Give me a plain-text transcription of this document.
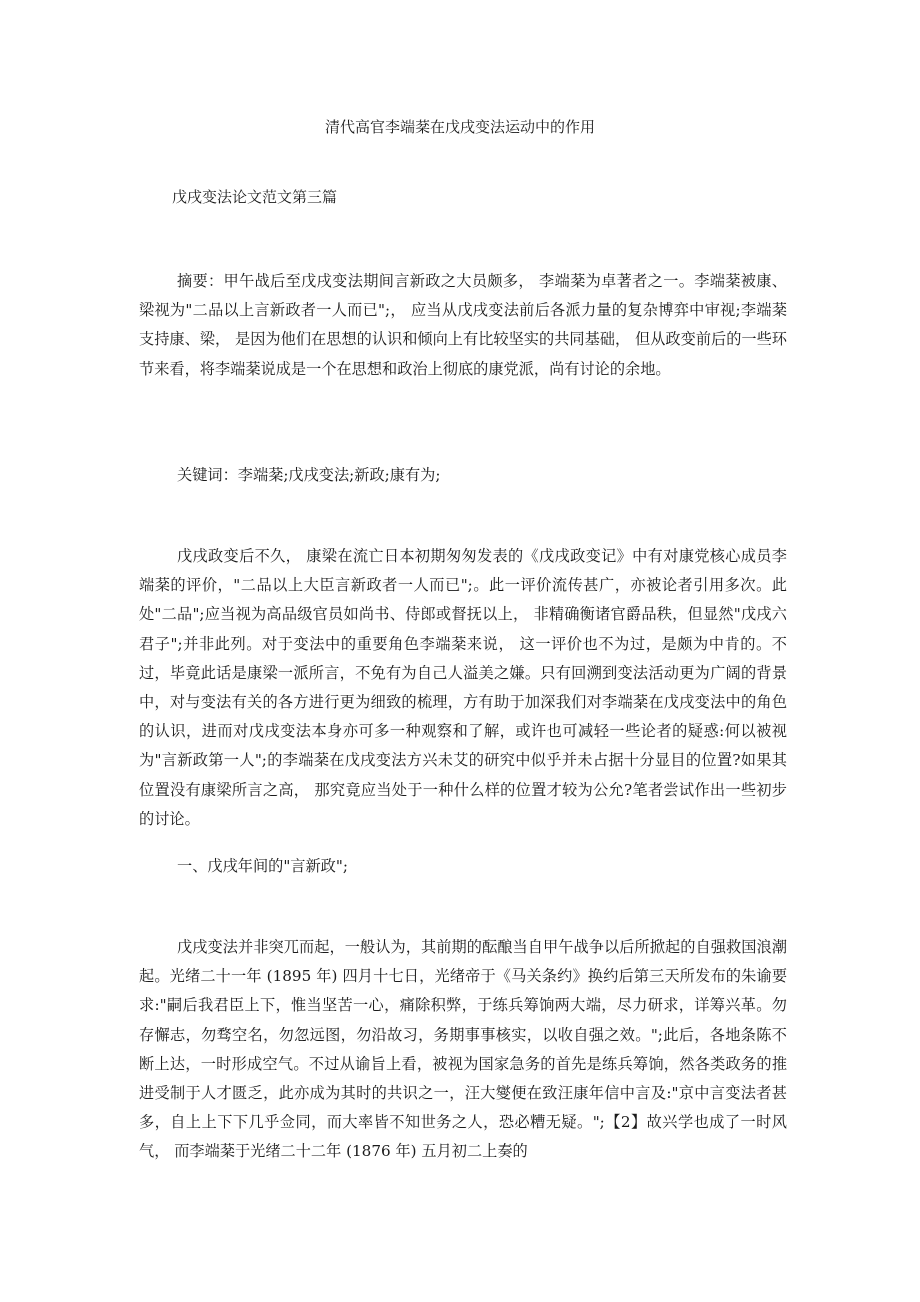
清代高官李端棻在戊戌变法运动中的作用

戊戌变法论文范文第三篇

摘要：甲午战后至戊戌变法期间言新政之大员颇多， 李端棻为卓著者之一。李端棻被康、梁视为"二品以上言新政者一人而已";， 应当从戊戌变法前后各派力量的复杂博弈中审视;李端棻支持康、梁， 是因为他们在思想的认识和倾向上有比较坚实的共同基础， 但从政变前后的一些环节来看，将李端棻说成是一个在思想和政治上彻底的康党派，尚有讨论的余地。

关键词：李端棻;戊戌变法;新政;康有为;

戊戌政变后不久， 康梁在流亡日本初期匆匆发表的《戊戌政变记》中有对康党核心成员李端棻的评价，"二品以上大臣言新政者一人而已";。此一评价流传甚广，亦被论者引用多次。此处"二品";应当视为高品级官员如尚书、侍郎或督抚以上， 非精确衡诸官爵品秩，但显然"戊戌六君子";并非此列。对于变法中的重要角色李端棻来说， 这一评价也不为过，是颇为中肯的。不过，毕竟此话是康梁一派所言，不免有为自己人溢美之嫌。只有回溯到变法活动更为广阔的背景中，对与变法有关的各方进行更为细致的梳理，方有助于加深我们对李端棻在戊戌变法中的角色的认识，进而对戊戌变法本身亦可多一种观察和了解，或许也可减轻一些论者的疑惑:何以被视为"言新政第一人";的李端棻在戊戌变法方兴未艾的研究中似乎并未占据十分显目的位置?如果其位置没有康梁所言之高， 那究竟应当处于一种什么样的位置才较为公允?笔者尝试作出一些初步的讨论。

一、戊戌年间的"言新政";

戊戌变法并非突兀而起，一般认为，其前期的酝酿当自甲午战争以后所掀起的自强救国浪潮起。光绪二十一年 (1895 年) 四月十七日，光绪帝于《马关条约》换约后第三天所发布的朱谕要求:"嗣后我君臣上下，惟当坚苦一心，痛除积弊，于练兵筹饷两大端，尽力研求，详筹兴革。勿存懈志，勿骛空名，勿忽远图，勿沿故习，务期事事核实，以收自强之效。";此后，各地条陈不断上达，一时形成空气。不过从谕旨上看，被视为国家急务的首先是练兵筹饷，然各类政务的推进受制于人才匮乏，此亦成为其时的共识之一，汪大燮便在致汪康年信中言及:"京中言变法者甚多，自上上下下几乎佥同，而大率皆不知世务之人，恐必糟无疑。";【2】故兴学也成了一时风气， 而李端棻于光绪二十二年 (1876 年) 五月初二上奏的
